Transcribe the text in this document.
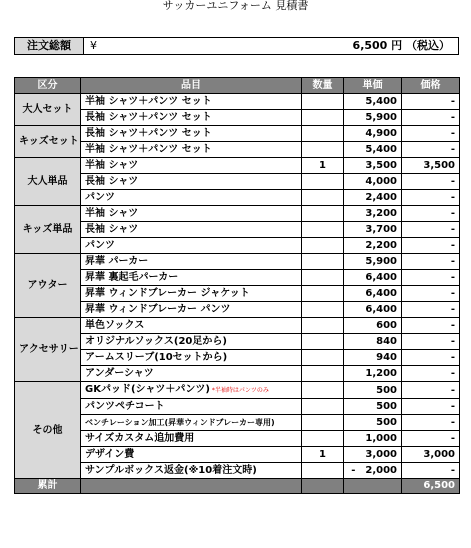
サッカーユニフォーム 見積書
注文総額	¥	6,500 円 （税込）
区分	品目	数量	単価	価格
大人セット	半袖 シャツ＋パンツ セット		5,400	-
	長袖 シャツ＋パンツ セット		5,900	-
キッズセット	長袖 シャツ＋パンツ セット		4,900	-
	半袖 シャツ＋パンツ セット		5,400	-
大人単品	半袖 シャツ	1	3,500	3,500
	長袖 シャツ		4,000	-
	パンツ		2,400	-
キッズ単品	半袖 シャツ		3,200	-
	長袖 シャツ		3,700	-
	パンツ		2,200	-
アウター	昇華 パーカー		5,900	-
	昇華 裏起毛パーカー		6,400	-
	昇華 ウィンドブレーカー ジャケット		6,400	-
	昇華 ウィンドブレーカー パンツ		6,400	-
アクセサリー	単色ソックス		600	-
	オリジナルソックス(20足から)		840	-
	アームスリーブ(10セットから)		940	-
	アンダーシャツ		1,200	-
その他	GKパッド(シャツ＋パンツ) *半袖時はパンツのみ		500	-
	パンツペチコート		500	-
	ベンチレーション加工(昇華ウィンドブレーカー専用)		500	-
	サイズカスタム追加費用		1,000	-
	デザイン費	1	3,000	3,000
	サンプルボックス返金(※10着注文時)		-　2,000	-
累計				6,500
